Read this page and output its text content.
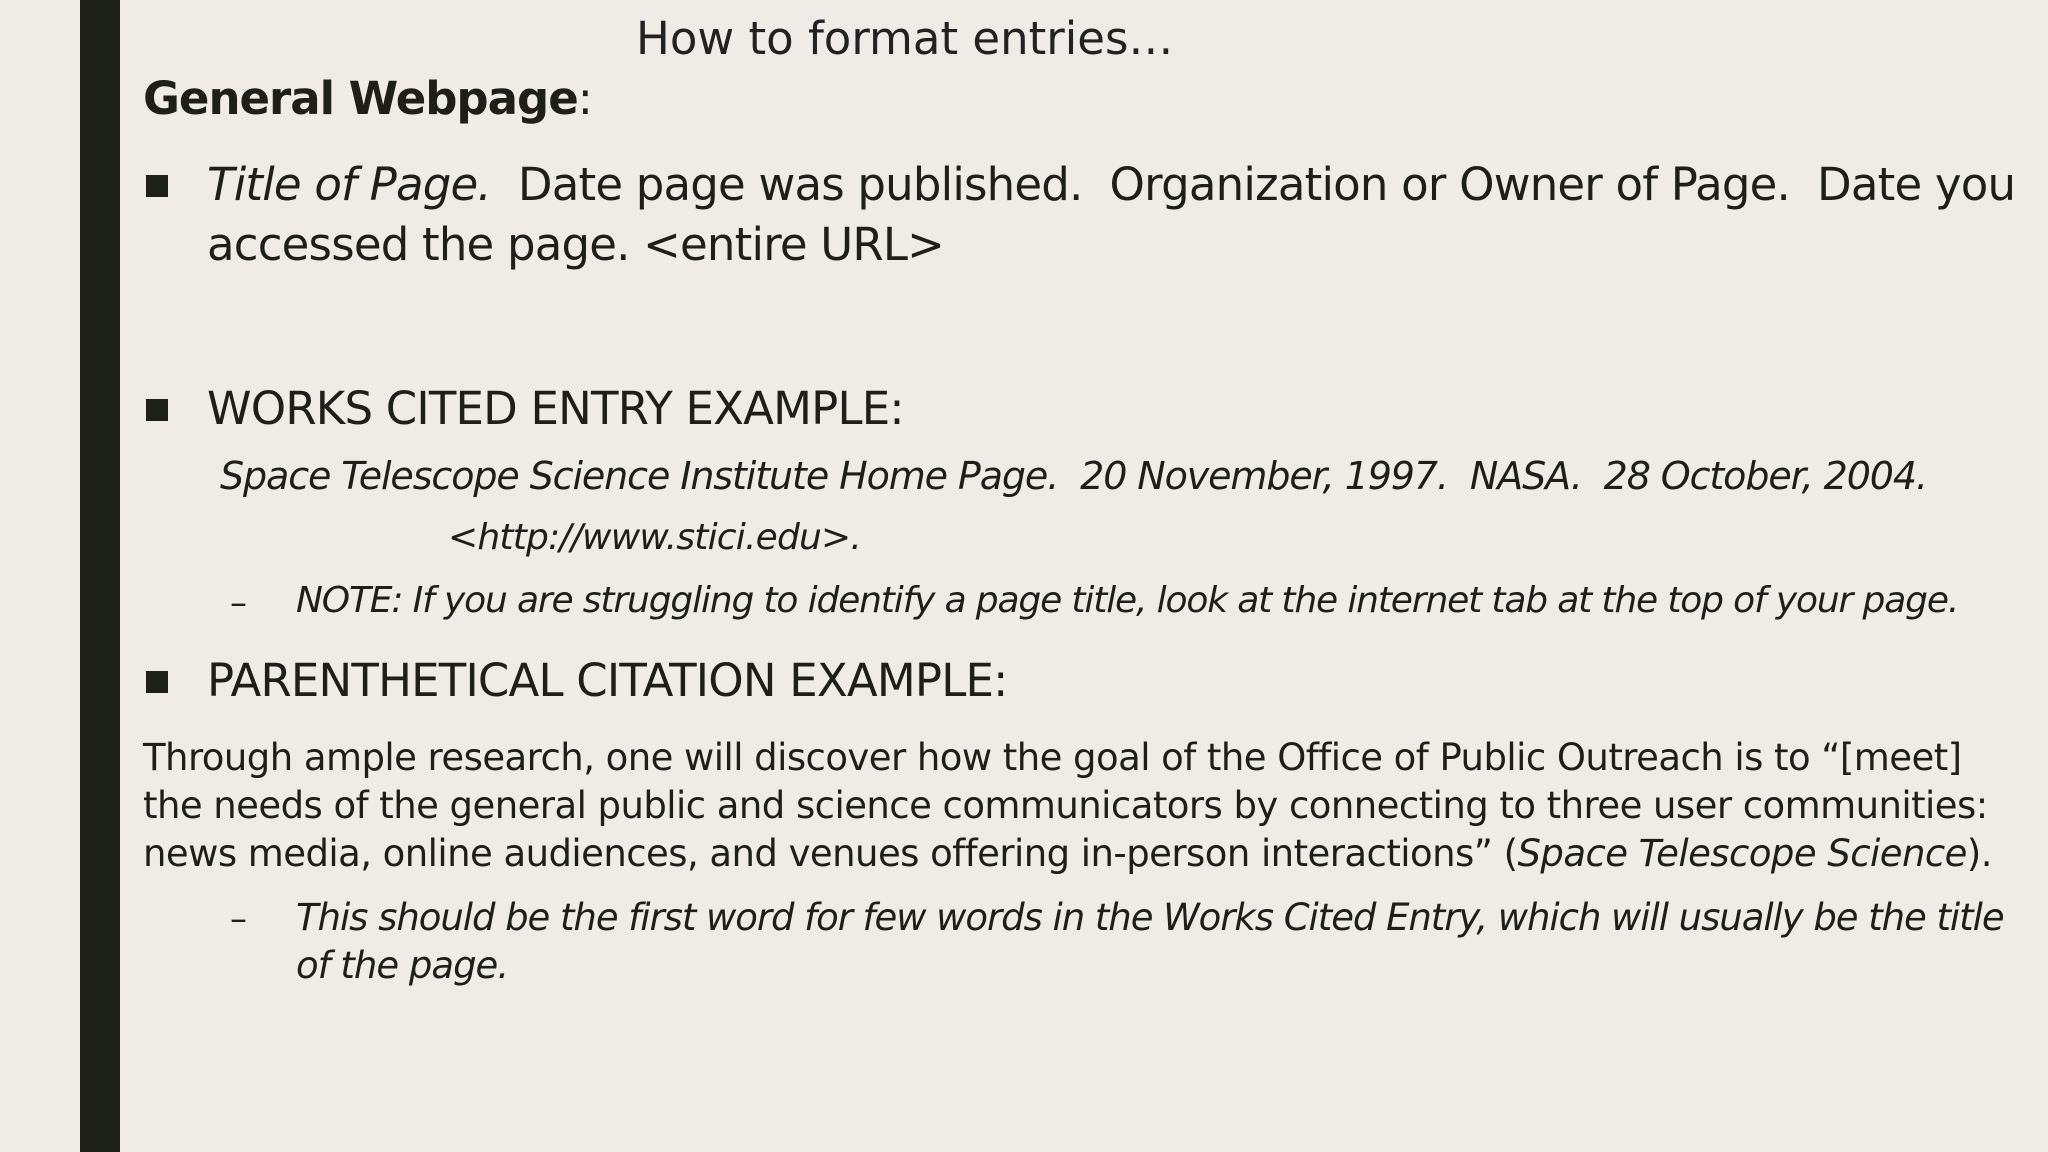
How to format entries…
General Webpage:
Title of Page.  Date page was published.  Organization or Owner of Page.  Date you
accessed the page. <entire URL>
WORKS CITED ENTRY EXAMPLE:
Space Telescope Science Institute Home Page.  20 November, 1997.  NASA.  28 October, 2004.
<http://www.stici.edu>.
– NOTE: If you are struggling to identify a page title, look at the internet tab at the top of your page.
PARENTHETICAL CITATION EXAMPLE:
Through ample research, one will discover how the goal of the Office of Public Outreach is to “[meet]
the needs of the general public and science communicators by connecting to three user communities:
news media, online audiences, and venues offering in-person interactions” (Space Telescope Science).
– This should be the first word for few words in the Works Cited Entry, which will usually be the title
of the page.
